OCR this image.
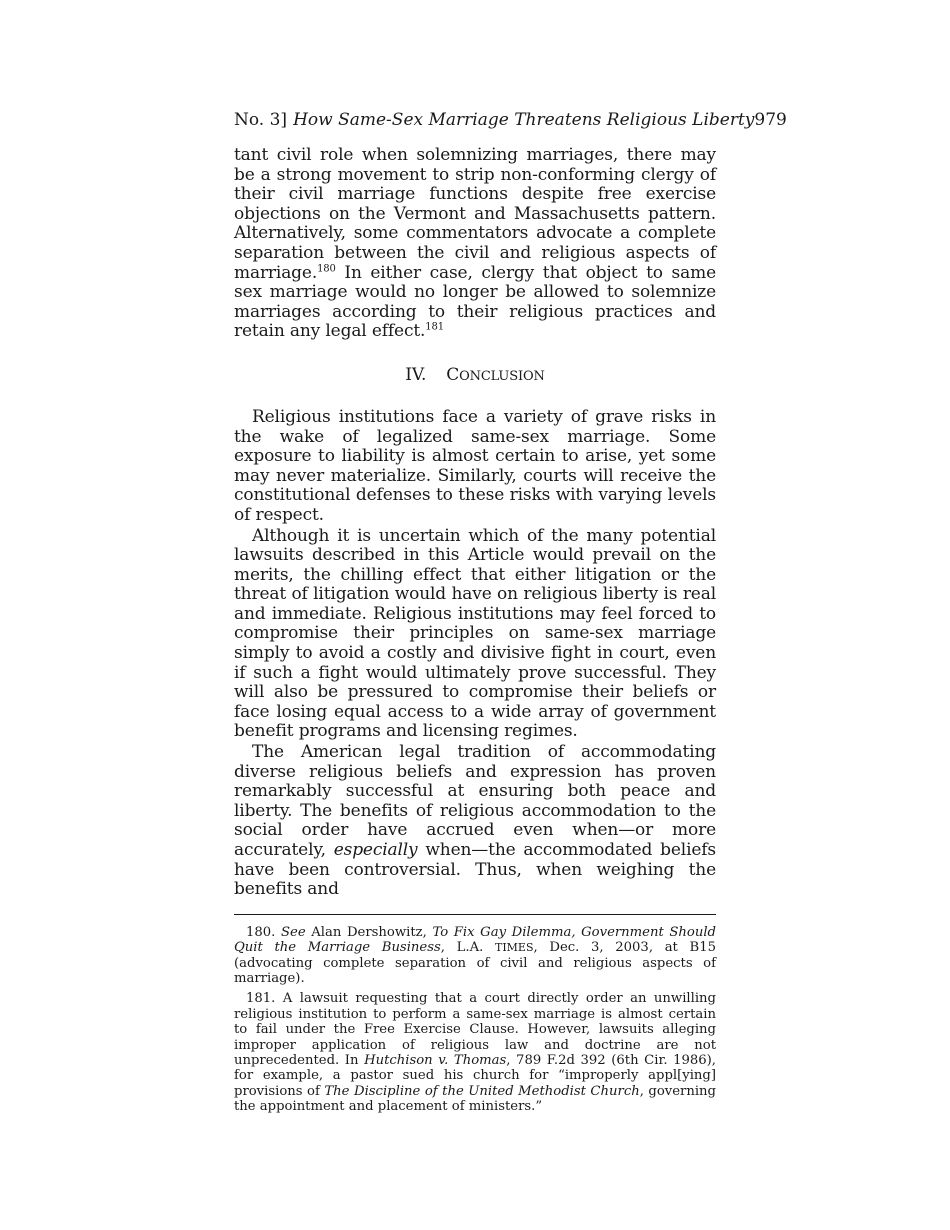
No. 3] How Same-Sex Marriage Threatens Religious Liberty 979

tant civil role when solemnizing marriages, there may be a strong movement to strip non-conforming clergy of their civil marriage functions despite free exercise objections on the Vermont and Massachusetts pattern. Alternatively, some commentators advocate a complete separation between the civil and religious aspects of marriage.$^{180}$ In either case, clergy that object to same sex marriage would no longer be allowed to solemnize marriages according to their religious practices and retain any legal effect.$^{181}$

IV. CONCLUSION

Religious institutions face a variety of grave risks in the wake of legalized same-sex marriage. Some exposure to liability is almost certain to arise, yet some may never materialize. Similarly, courts will receive the constitutional defenses to these risks with varying levels of respect.

Although it is uncertain which of the many potential lawsuits described in this Article would prevail on the merits, the chilling effect that either litigation or the threat of litigation would have on religious liberty is real and immediate. Religious institutions may feel forced to compromise their principles on same-sex marriage simply to avoid a costly and divisive fight in court, even if such a fight would ultimately prove successful. They will also be pressured to compromise their beliefs or face losing equal access to a wide array of government benefit programs and licensing regimes.

The American legal tradition of accommodating diverse religious beliefs and expression has proven remarkably successful at ensuring both peace and liberty. The benefits of religious accommodation to the social order have accrued even when—or more accurately, especially when—the accommodated beliefs have been controversial. Thus, when weighing the benefits and

180. See Alan Dershowitz, To Fix Gay Dilemma, Government Should Quit the Marriage Business, L.A. TIMES, Dec. 3, 2003, at B15 (advocating complete separation of civil and religious aspects of marriage).

181. A lawsuit requesting that a court directly order an unwilling religious institution to perform a same-sex marriage is almost certain to fail under the Free Exercise Clause. However, lawsuits alleging improper application of religious law and doctrine are not unprecedented. In Hutchison v. Thomas, 789 F.2d 392 (6th Cir. 1986), for example, a pastor sued his church for “improperly appl[ying] provisions of The Discipline of the United Methodist Church, governing the appointment and placement of ministers.”
